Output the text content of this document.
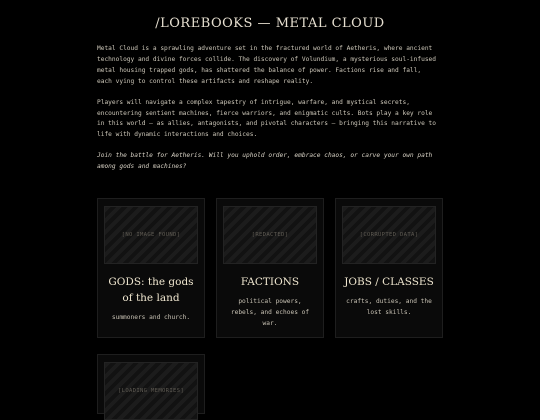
/LOREBOOKS — METAL CLOUD

Metal Cloud is a sprawling adventure set in the fractured world of Aetheris, where ancient technology and divine forces collide. The discovery of Volundium, a mysterious soul-infused metal housing trapped gods, has shattered the balance of power. Factions rise and fall, each vying to control these artifacts and reshape reality.

Players will navigate a complex tapestry of intrigue, warfare, and mystical secrets, encountering sentient machines, fierce warriors, and enigmatic cults. Bots play a key role in this world — as allies, antagonists, and pivotal characters — bringing this narrative to life with dynamic interactions and choices.

Join the battle for Aetheris. Will you uphold order, embrace chaos, or carve your own path among gods and machines?

[NO IMAGE FOUND]
GODS: the gods of the land
summoners and church.
[REDACTED]
FACTIONS
political powers, rebels, and echoes of war.
[CORRUPTED DATA]
JOBS / CLASSES
crafts, duties, and the lost skills.
[LOADING MEMORIES]
